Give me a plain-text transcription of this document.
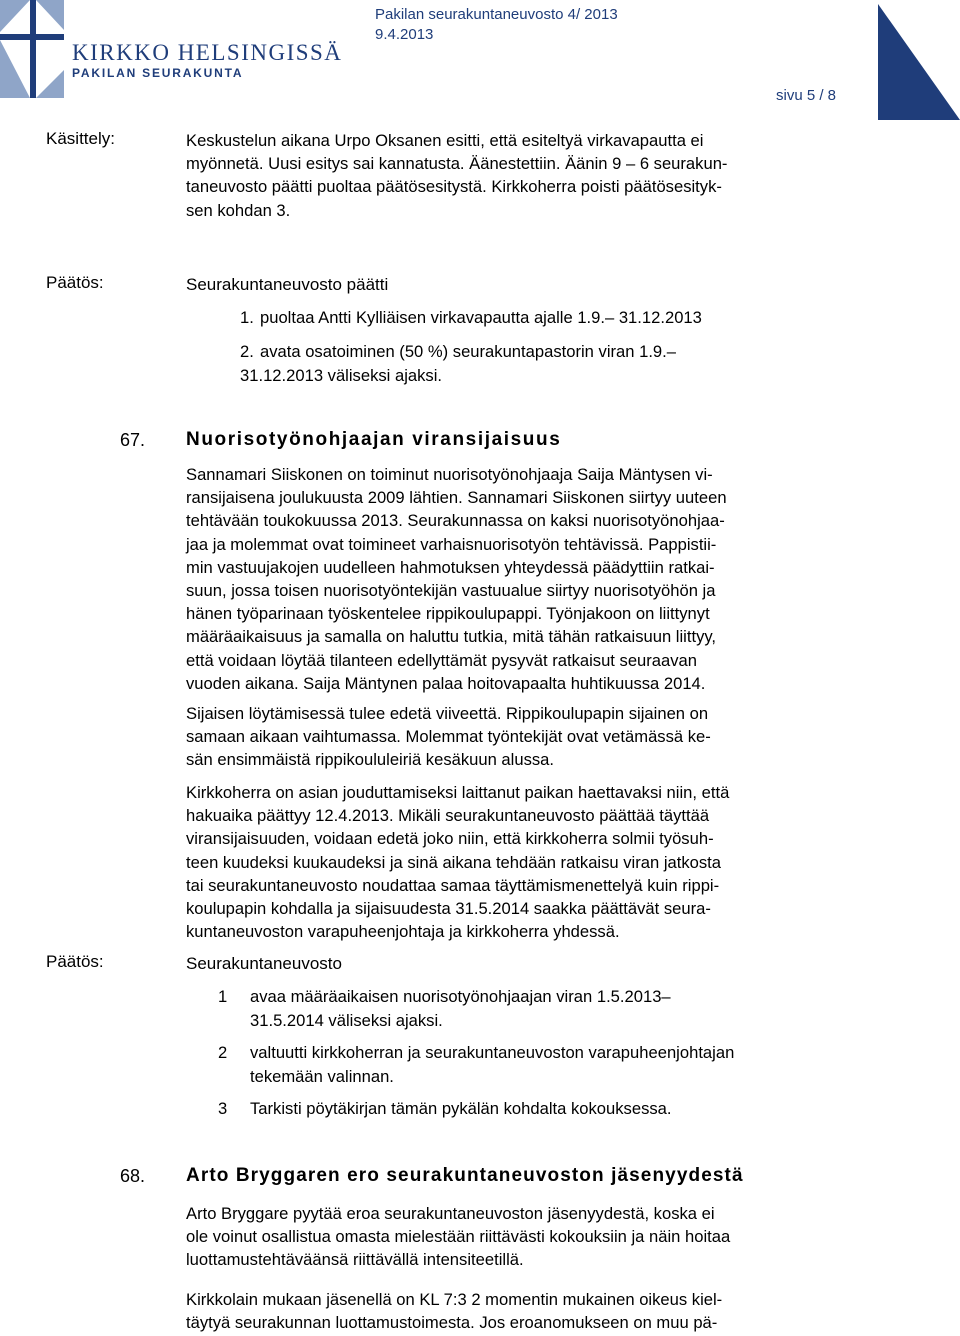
KIRKKO HELSINGISSÄ
PAKILAN SEURAKUNTA
Pakilan seurakuntaneuvosto 4/ 2013
9.4.2013
sivu 5 / 8
Käsittely:	Keskustelun aikana Urpo Oksanen esitti, että esiteltyä virkavapautta ei
myönnetä. Uusi esitys sai kannatusta. Äänestettiin. Äänin 9 – 6 seurakun-
taneuvosto päätti puoltaa päätösesitystä. Kirkkoherra poisti päätösesityk-
sen kohdan 3.
Päätös:	Seurakuntaneuvosto päätti
1. puoltaa Antti Kylliäisen virkavapautta ajalle 1.9.– 31.12.2013
2. avata osatoiminen (50 %) seurakuntapastorin viran 1.9.–
31.12.2013 väliseksi ajaksi.
67. Nuorisotyönohjaajan viransijaisuus
Sannamari Siiskonen on toiminut nuorisotyönohjaaja Saija Mäntysen vi-
ransijaisena joulukuusta 2009 lähtien. Sannamari Siiskonen siirtyy uuteen
tehtävään toukokuussa 2013. Seurakunnassa on kaksi nuorisotyönohjaa-
jaa ja molemmat ovat toimineet varhaisnuorisotyön tehtävissä. Pappistii-
min vastuujakojen uudelleen hahmotuksen yhteydessä päädyttiin ratkai-
suun, jossa toisen nuorisotyöntekijän vastuualue siirtyy nuorisotyöhön ja
hänen työparinaan työskentelee rippikoulupappi. Työnjakoon on liittynyt
määräaikaisuus ja samalla on haluttu tutkia, mitä tähän ratkaisuun liittyy,
että voidaan löytää tilanteen edellyttämät pysyvät ratkaisut seuraavan
vuoden aikana. Saija Mäntynen palaa hoitovapaalta huhtikuussa 2014.
Sijaisen löytämisessä tulee edetä viiveettä. Rippikoulupapin sijainen on
samaan aikaan vaihtumassa. Molemmat työntekijät ovat vetämässä ke-
sän ensimmäistä rippikoululeiriä kesäkuun alussa.
Kirkkoherra on asian jouduttamiseksi laittanut paikan haettavaksi niin, että
hakuaika päättyy 12.4.2013. Mikäli seurakuntaneuvosto päättää täyttää
viransijaisuuden, voidaan edetä joko niin, että kirkkoherra solmii työsuh-
teen kuudeksi kuukaudeksi ja sinä aikana tehdään ratkaisu viran jatkosta
tai seurakuntaneuvosto noudattaa samaa täyttämismenettelyä kuin rippi-
koulupapin kohdalla ja sijaisuudesta 31.5.2014 saakka päättävät seura-
kuntaneuvoston varapuheenjohtaja ja kirkkoherra yhdessä.
Päätös:	Seurakuntaneuvosto
1 avaa määräaikaisen nuorisotyönohjaajan viran 1.5.2013–
31.5.2014 väliseksi ajaksi.
2 valtuutti kirkkoherran ja seurakuntaneuvoston varapuheenjohtajan
tekemään valinnan.
3 Tarkisti pöytäkirjan tämän pykälän kohdalta kokouksessa.
68. Arto Bryggaren ero seurakuntaneuvoston jäsenyydestä
Arto Bryggare pyytää eroa seurakuntaneuvoston jäsenyydestä, koska ei
ole voinut osallistua omasta mielestään riittävästi kokouksiin ja näin hoitaa
luottamustehtäväänsä riittävällä intensiteetillä.
Kirkkolain mukaan jäsenellä on KL 7:3 2 momentin mukainen oikeus kiel-
täytyä seurakunnan luottamustoimesta. Jos eroanomukseen on muu pä-
